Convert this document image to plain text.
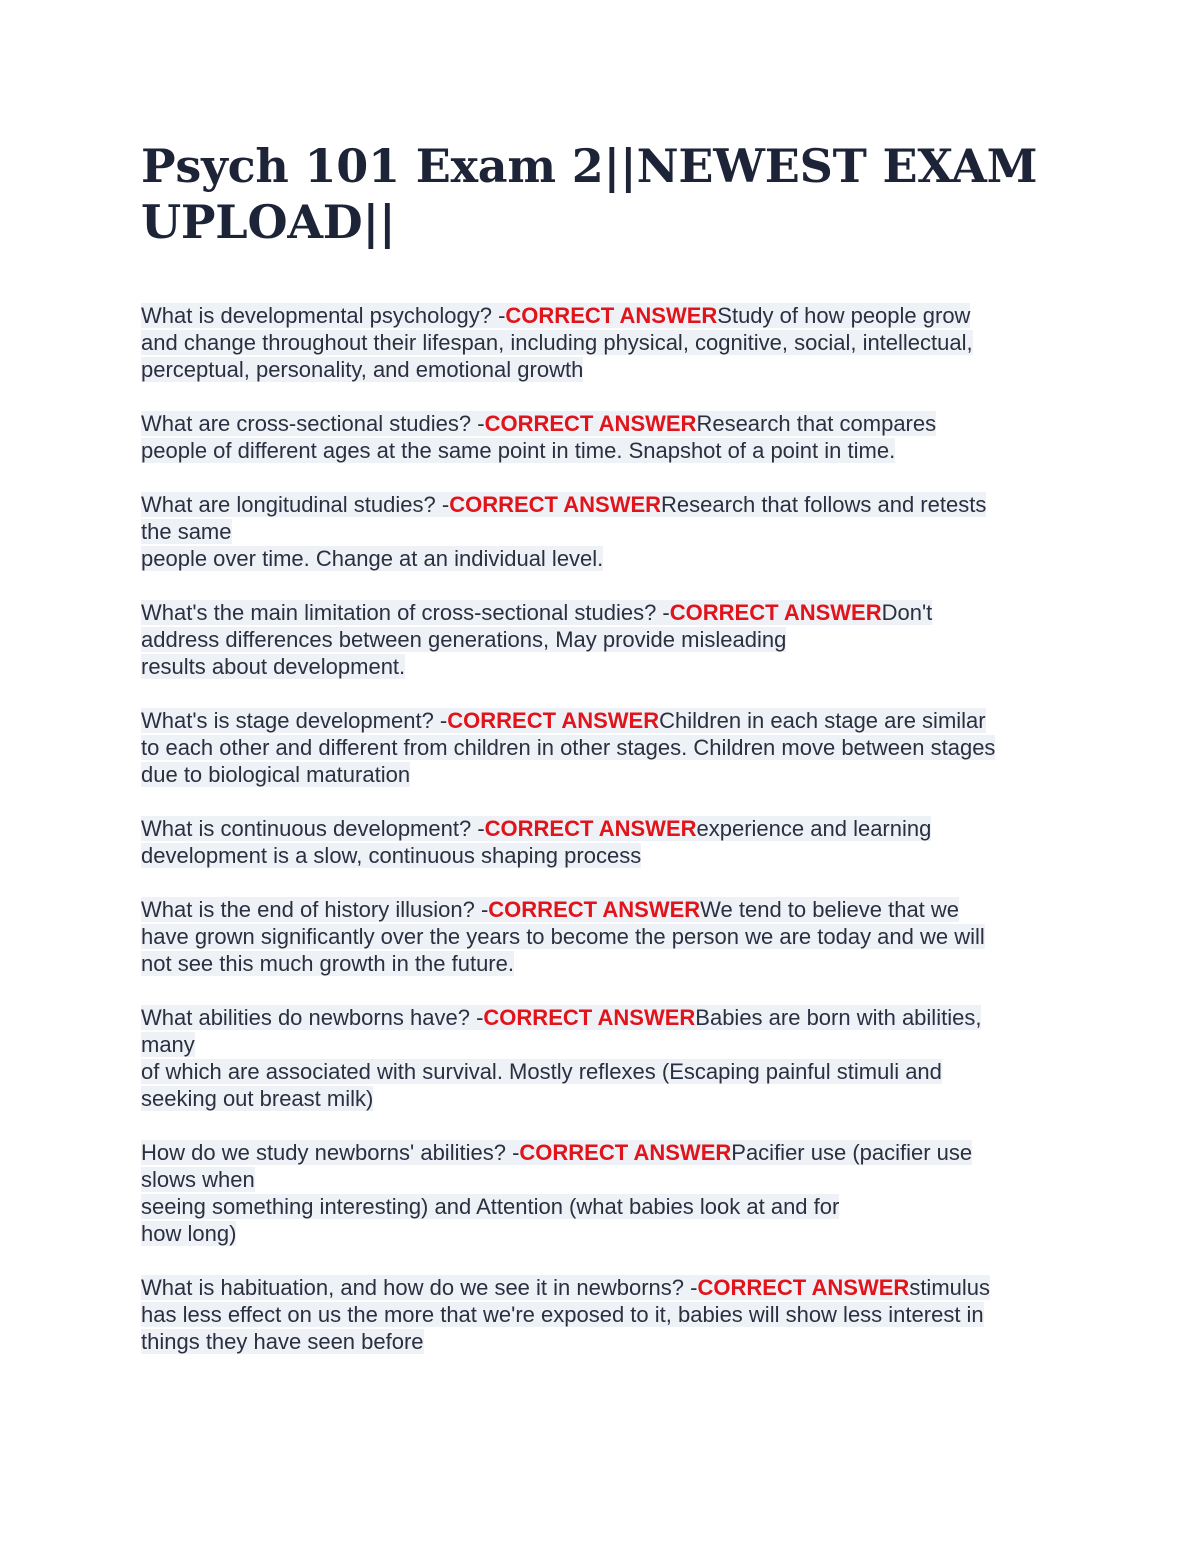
Psych 101 Exam 2||NEWEST EXAM
UPLOAD||

What is developmental psychology? -CORRECT ANSWERStudy of how people grow
and change throughout their lifespan, including physical, cognitive, social, intellectual,
perceptual, personality, and emotional growth

What are cross-sectional studies? -CORRECT ANSWERResearch that compares
people of different ages at the same point in time. Snapshot of a point in time.

What are longitudinal studies? -CORRECT ANSWERResearch that follows and retests
the same
people over time. Change at an individual level.

What's the main limitation of cross-sectional studies? -CORRECT ANSWERDon't
address differences between generations, May provide misleading
results about development.

What's is stage development? -CORRECT ANSWERChildren in each stage are similar
to each other and different from children in other stages. Children move between stages
due to biological maturation

What is continuous development? -CORRECT ANSWERexperience and learning
development is a slow, continuous shaping process

What is the end of history illusion? -CORRECT ANSWERWe tend to believe that we
have grown significantly over the years to become the person we are today and we will
not see this much growth in the future.

What abilities do newborns have? -CORRECT ANSWERBabies are born with abilities,
many
of which are associated with survival. Mostly reflexes (Escaping painful stimuli and
seeking out breast milk)

How do we study newborns' abilities? -CORRECT ANSWERPacifier use (pacifier use
slows when
seeing something interesting) and Attention (what babies look at and for
how long)

What is habituation, and how do we see it in newborns? -CORRECT ANSWERstimulus
has less effect on us the more that we're exposed to it, babies will show less interest in
things they have seen before
